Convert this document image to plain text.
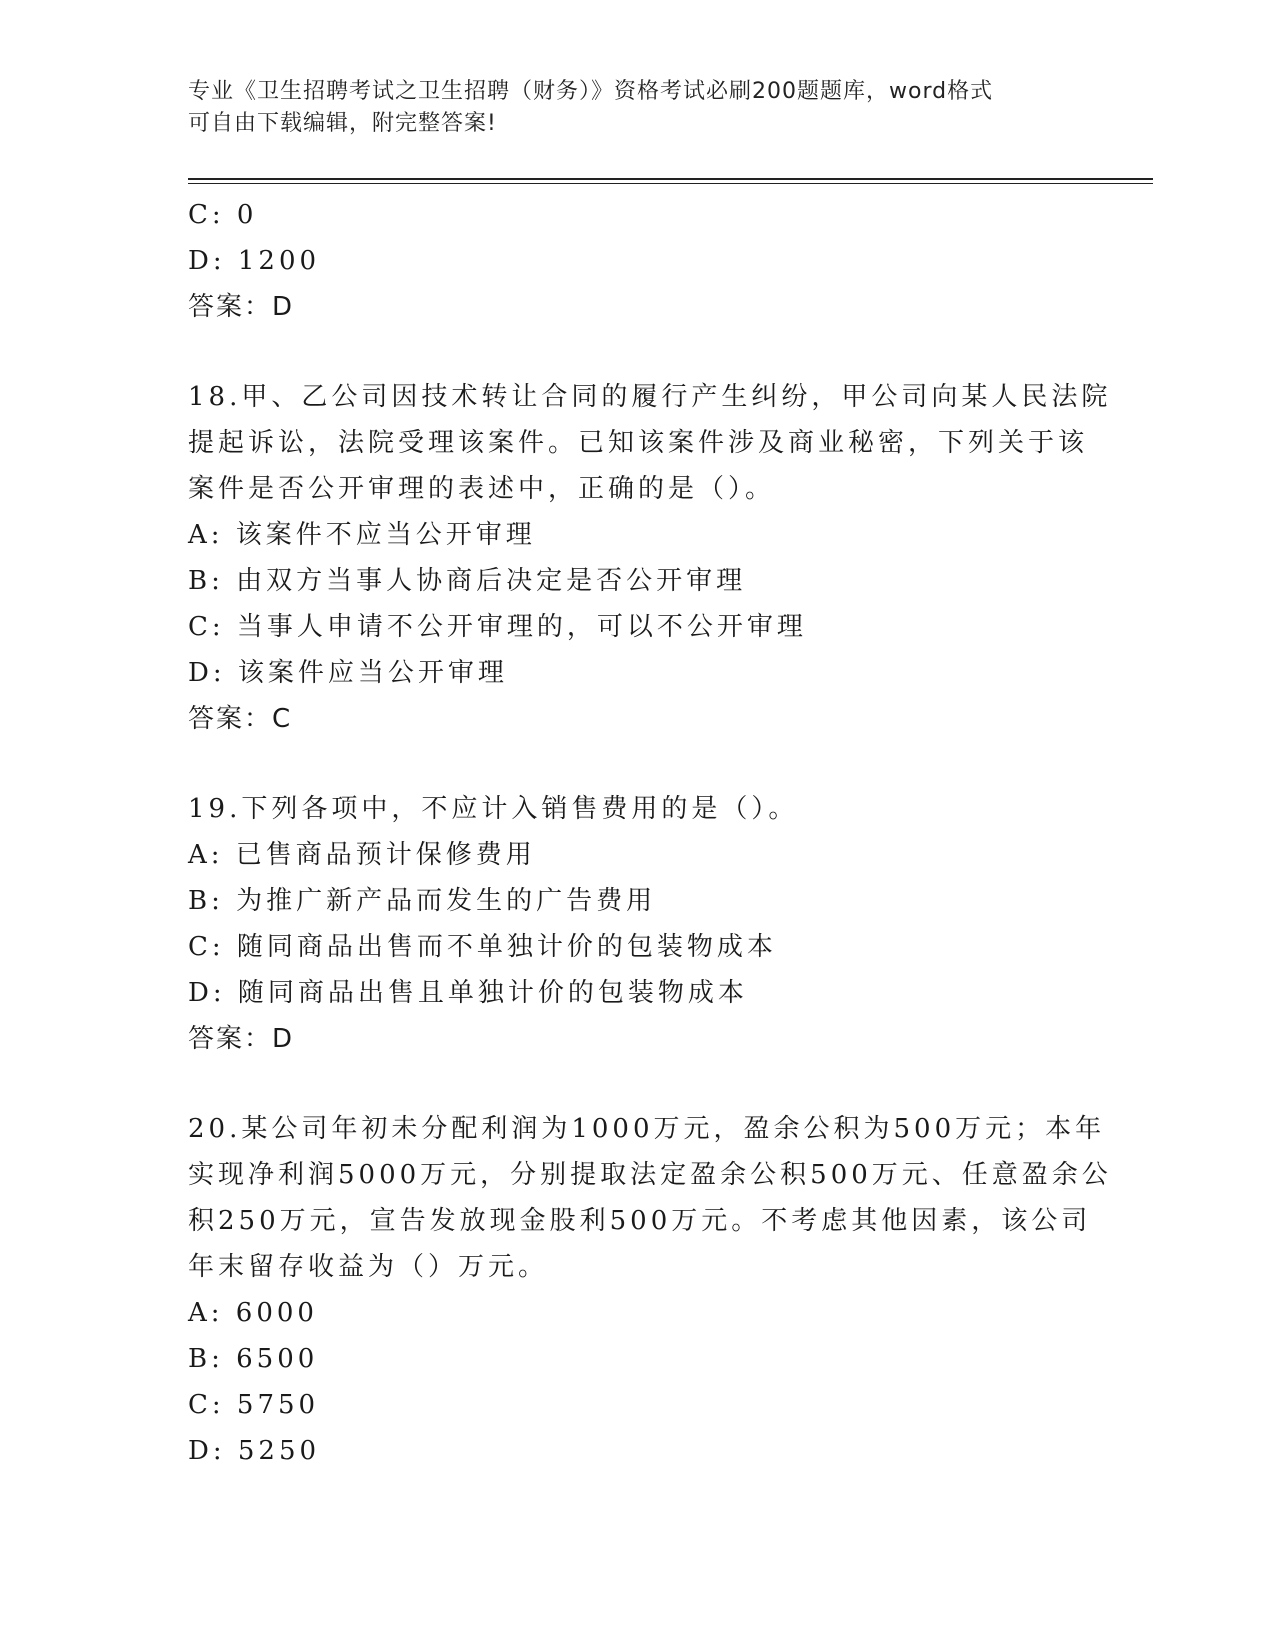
专业《卫生招聘考试之卫生招聘（财务）》资格考试必刷200题题库，word格式
可自由下载编辑，附完整答案!
C: 0
D: 1200
答案：D
18.甲、乙公司因技术转让合同的履行产生纠纷，甲公司向某人民法院
提起诉讼，法院受理该案件。已知该案件涉及商业秘密，下列关于该
案件是否公开审理的表述中，正确的是（）。
A: 该案件不应当公开审理
B: 由双方当事人协商后决定是否公开审理
C: 当事人申请不公开审理的，可以不公开审理
D: 该案件应当公开审理
答案：C
19.下列各项中，不应计入销售费用的是（）。
A: 已售商品预计保修费用
B: 为推广新产品而发生的广告费用
C: 随同商品出售而不单独计价的包装物成本
D: 随同商品出售且单独计价的包装物成本
答案：D
20.某公司年初未分配利润为1000万元，盈余公积为500万元；本年
实现净利润5000万元，分别提取法定盈余公积500万元、任意盈余公
积250万元，宣告发放现金股利500万元。不考虑其他因素，该公司
年末留存收益为（）万元。
A: 6000
B: 6500
C: 5750
D: 5250
